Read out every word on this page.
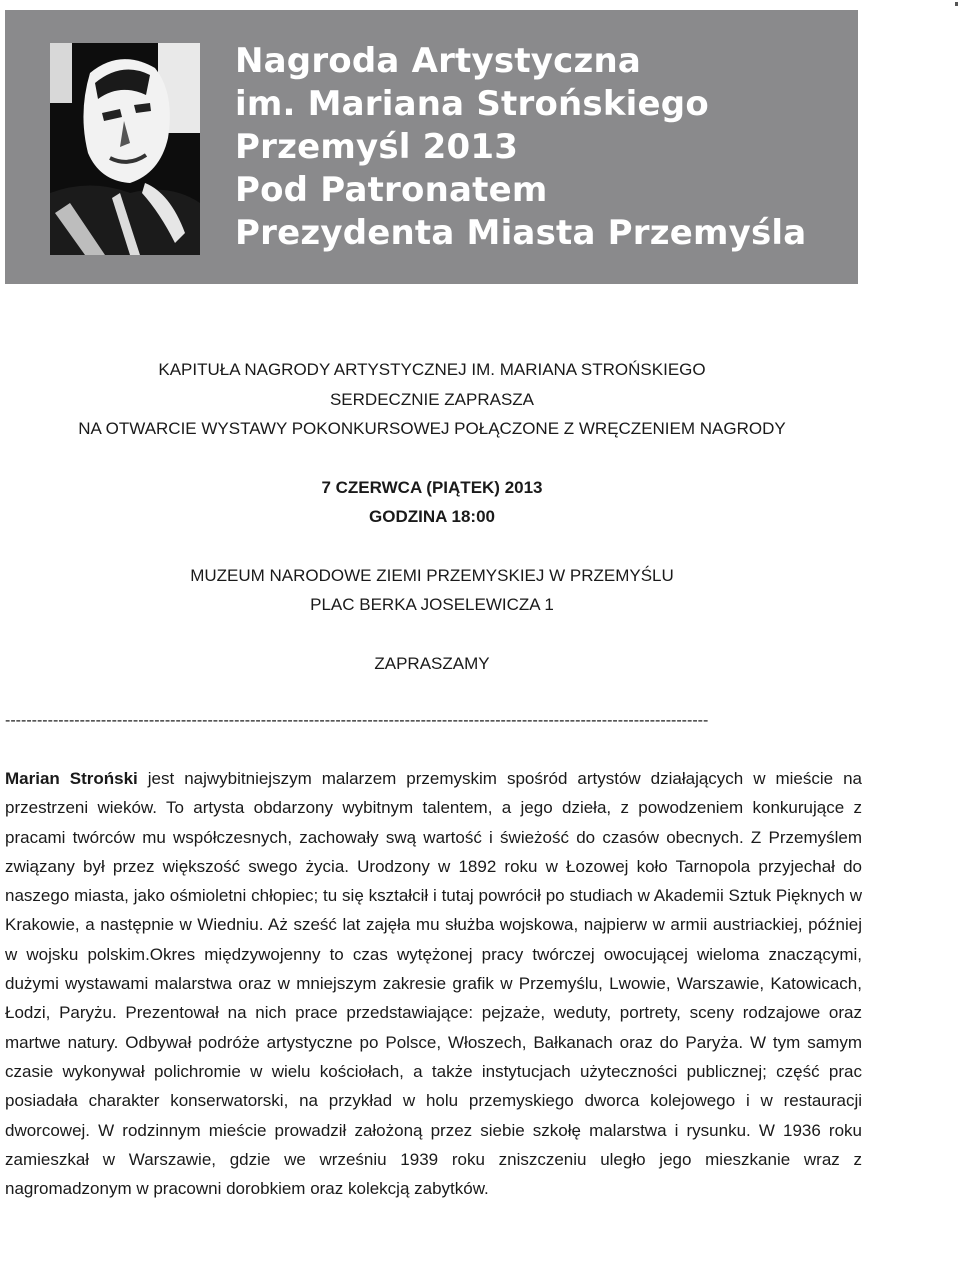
Nagroda Artystyczna
im. Mariana Strońskiego
Przemyśl 2013
Pod Patronatem
Prezydenta Miasta Przemyśla
KAPITUŁA NAGRODY ARTYSTYCZNEJ IM. MARIANA STROŃSKIEGO
SERDECZNIE ZAPRASZA
NA OTWARCIE WYSTAWY POKONKURSOWEJ POŁĄCZONE Z WRĘCZENIEM NAGRODY
7 CZERWCA (PIĄTEK) 2013
GODZINA 18:00
MUZEUM NARODOWE ZIEMI PRZEMYSKIEJ W PRZEMYŚLU
PLAC BERKA JOSELEWICZA 1
ZAPRASZAMY
------------------------------------------------------------------------------------------------------------------------------------
Marian Stroński jest najwybitniejszym malarzem przemyskim spośród artystów działających w mieście na przestrzeni wieków. To artysta obdarzony wybitnym talentem, a jego dzieła, z powodzeniem konkurujące z pracami twórców mu współczesnych, zachowały swą wartość i świeżość do czasów obecnych. Z Przemyślem związany był przez większość swego życia. Urodzony w 1892 roku w Łozowej koło Tarnopola przyjechał do naszego miasta, jako ośmioletni chłopiec; tu się kształcił i tutaj powrócił po studiach w Akademii Sztuk Pięknych w Krakowie, a następnie w Wiedniu. Aż sześć lat zajęła mu służba wojskowa, najpierw w armii austriackiej, później w wojsku polskim.Okres międzywojenny to czas wytężonej pracy twórczej owocującej wieloma znaczącymi, dużymi wystawami malarstwa oraz w mniejszym zakresie grafik w Przemyślu, Lwowie, Warszawie, Katowicach, Łodzi, Paryżu. Prezentował na nich prace przedstawiające: pejzaże, weduty, portrety, sceny rodzajowe oraz martwe natury. Odbywał podróże artystyczne po Polsce, Włoszech, Bałkanach oraz do Paryża. W tym samym czasie wykonywał polichromie w wielu kościołach, a także instytucjach użyteczności publicznej; część prac posiadała charakter konserwatorski, na przykład w holu przemyskiego dworca kolejowego i w restauracji dworcowej. W rodzinnym mieście prowadził założoną przez siebie szkołę malarstwa i rysunku. W 1936 roku zamieszkał w Warszawie, gdzie we wrześniu 1939 roku zniszczeniu uległo jego mieszkanie wraz z nagromadzonym w pracowni dorobkiem oraz kolekcją zabytków.
